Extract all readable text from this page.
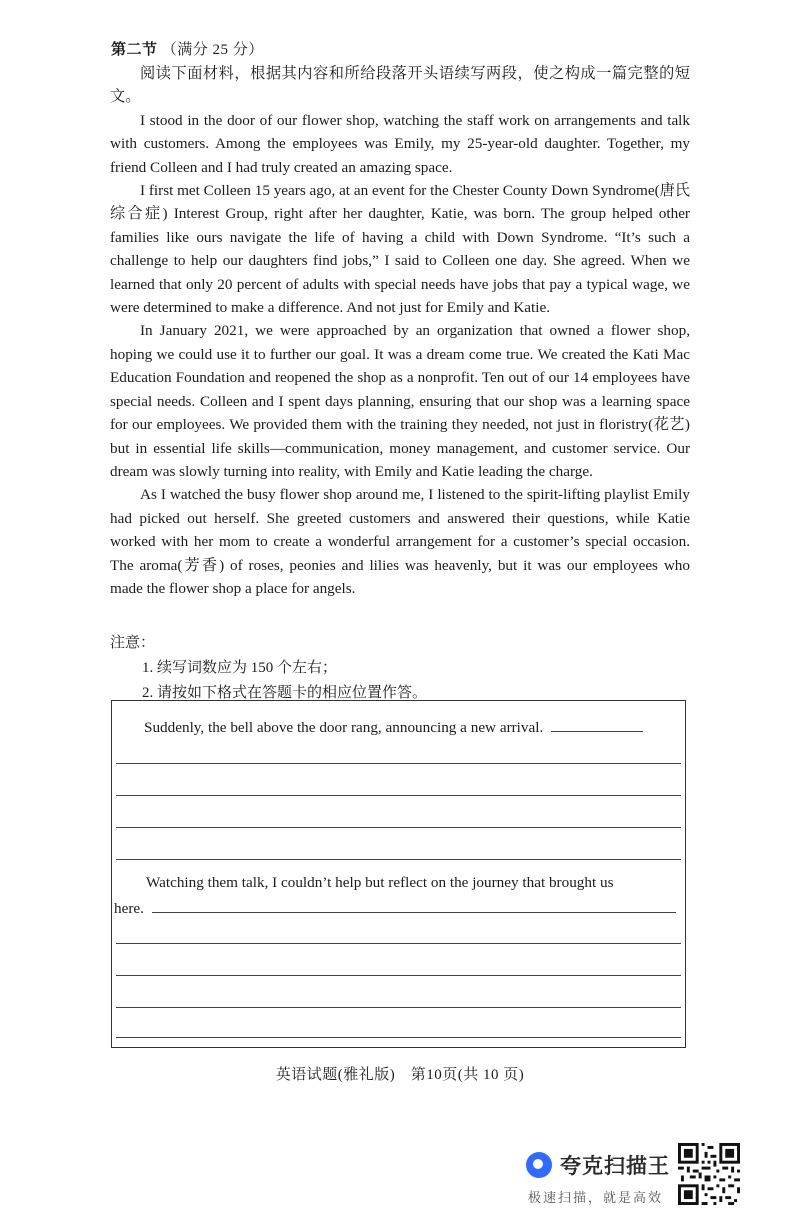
第二节 （满分 25 分）

阅读下面材料，根据其内容和所给段落开头语续写两段，使之构成一篇完整的短文。

I stood in the door of our flower shop, watching the staff work on arrangements and talk with customers. Among the employees was Emily, my 25-year-old daughter. Together, my friend Colleen and I had truly created an amazing space.

I first met Colleen 15 years ago, at an event for the Chester County Down Syndrome(唐氏综合症) Interest Group, right after her daughter, Katie, was born. The group helped other families like ours navigate the life of having a child with Down Syndrome. “It’s such a challenge to help our daughters find jobs,” I said to Colleen one day. She agreed. When we learned that only 20 percent of adults with special needs have jobs that pay a typical wage, we were determined to make a difference. And not just for Emily and Katie.

In January 2021, we were approached by an organization that owned a flower shop, hoping we could use it to further our goal. It was a dream come true. We created the Kati Mac Education Foundation and reopened the shop as a nonprofit. Ten out of our 14 employees have special needs. Colleen and I spent days planning, ensuring that our shop was a learning space for our employees. We provided them with the training they needed, not just in floristry(花艺) but in essential life skills—communication, money management, and customer service. Our dream was slowly turning into reality, with Emily and Katie leading the charge.

As I watched the busy flower shop around me, I listened to the spirit-lifting playlist Emily had picked out herself. She greeted customers and answered their questions, while Katie worked with her mom to create a wonderful arrangement for a customer’s special occasion. The aroma(芳香) of roses, peonies and lilies was heavenly, but it was our employees who made the flower shop a place for angels.

注意：
1. 续写词数应为 150 个左右；
2. 请按如下格式在答题卡的相应位置作答。
Suddenly, the bell above the door rang, announcing a new arrival.
Watching them talk, I couldn’t help but reflect on the journey that brought us
here.
英语试题(雅礼版)　第10页(共 10 页)
夸克扫描王
极速扫描，就是高效
